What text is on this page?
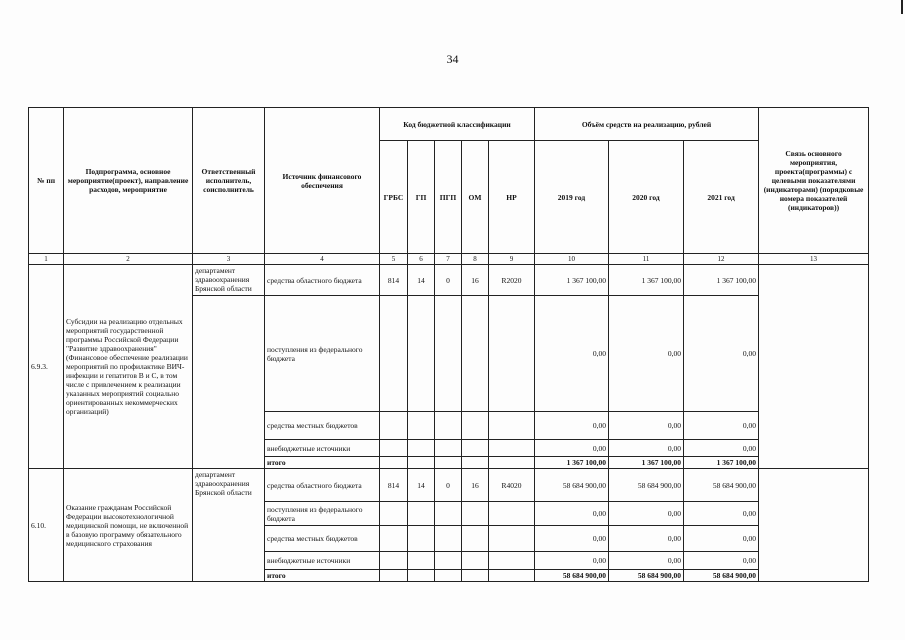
34
№ пп	Подпрограмма, основное мероприятие(проект), направление расходов, мероприятие	Ответственный исполнитель, соисполнитель	Источник финансового обеспечения	Код бюджетной классификации					Объём средств на реализацию, рублей			Связь основного мероприятия, проекта(программы) с целевыми показателями (индикаторами) (порядковые номера показателей (индикаторов))
				ГРБС	ГП	ПГП	ОМ	НР	2019 год	2020 год	2021 год	
1	2	3	4	5	6	7	8	9	10	11	12	13
6.9.3.	Субсидии на реализацию отдельных мероприятий государственной программы Российской Федерации "Развитие здравоохранения" (Финансовое обеспечение реализации мероприятий по профилактике ВИЧ-инфекции и гепатитов В и С, в том числе с привлечением к реализации указанных мероприятий социально ориентированных некоммерческих организаций)	департамент здравоохранения Брянской области	средства областного бюджета	814	14	0	16	R2020	1 367 100,00	1 367 100,00	1 367 100,00	
			поступления из федерального бюджета						0,00	0,00	0,00	
			средства местных бюджетов						0,00	0,00	0,00	
			внебюджетные источники						0,00	0,00	0,00	
			итого						1 367 100,00	1 367 100,00	1 367 100,00	
6.10.	Оказание гражданам Российской Федерации высокотехнологичной медицинской помощи, не включенной в базовую программу обязательного медицинского страхования	департамент здравоохранения Брянской области	средства областного бюджета	814	14	0	16	R4020	58 684 900,00	58 684 900,00	58 684 900,00	
			поступления из федерального бюджета						0,00	0,00	0,00	
			средства местных бюджетов						0,00	0,00	0,00	
			внебюджетные источники						0,00	0,00	0,00	
			итого						58 684 900,00	58 684 900,00	58 684 900,00	
